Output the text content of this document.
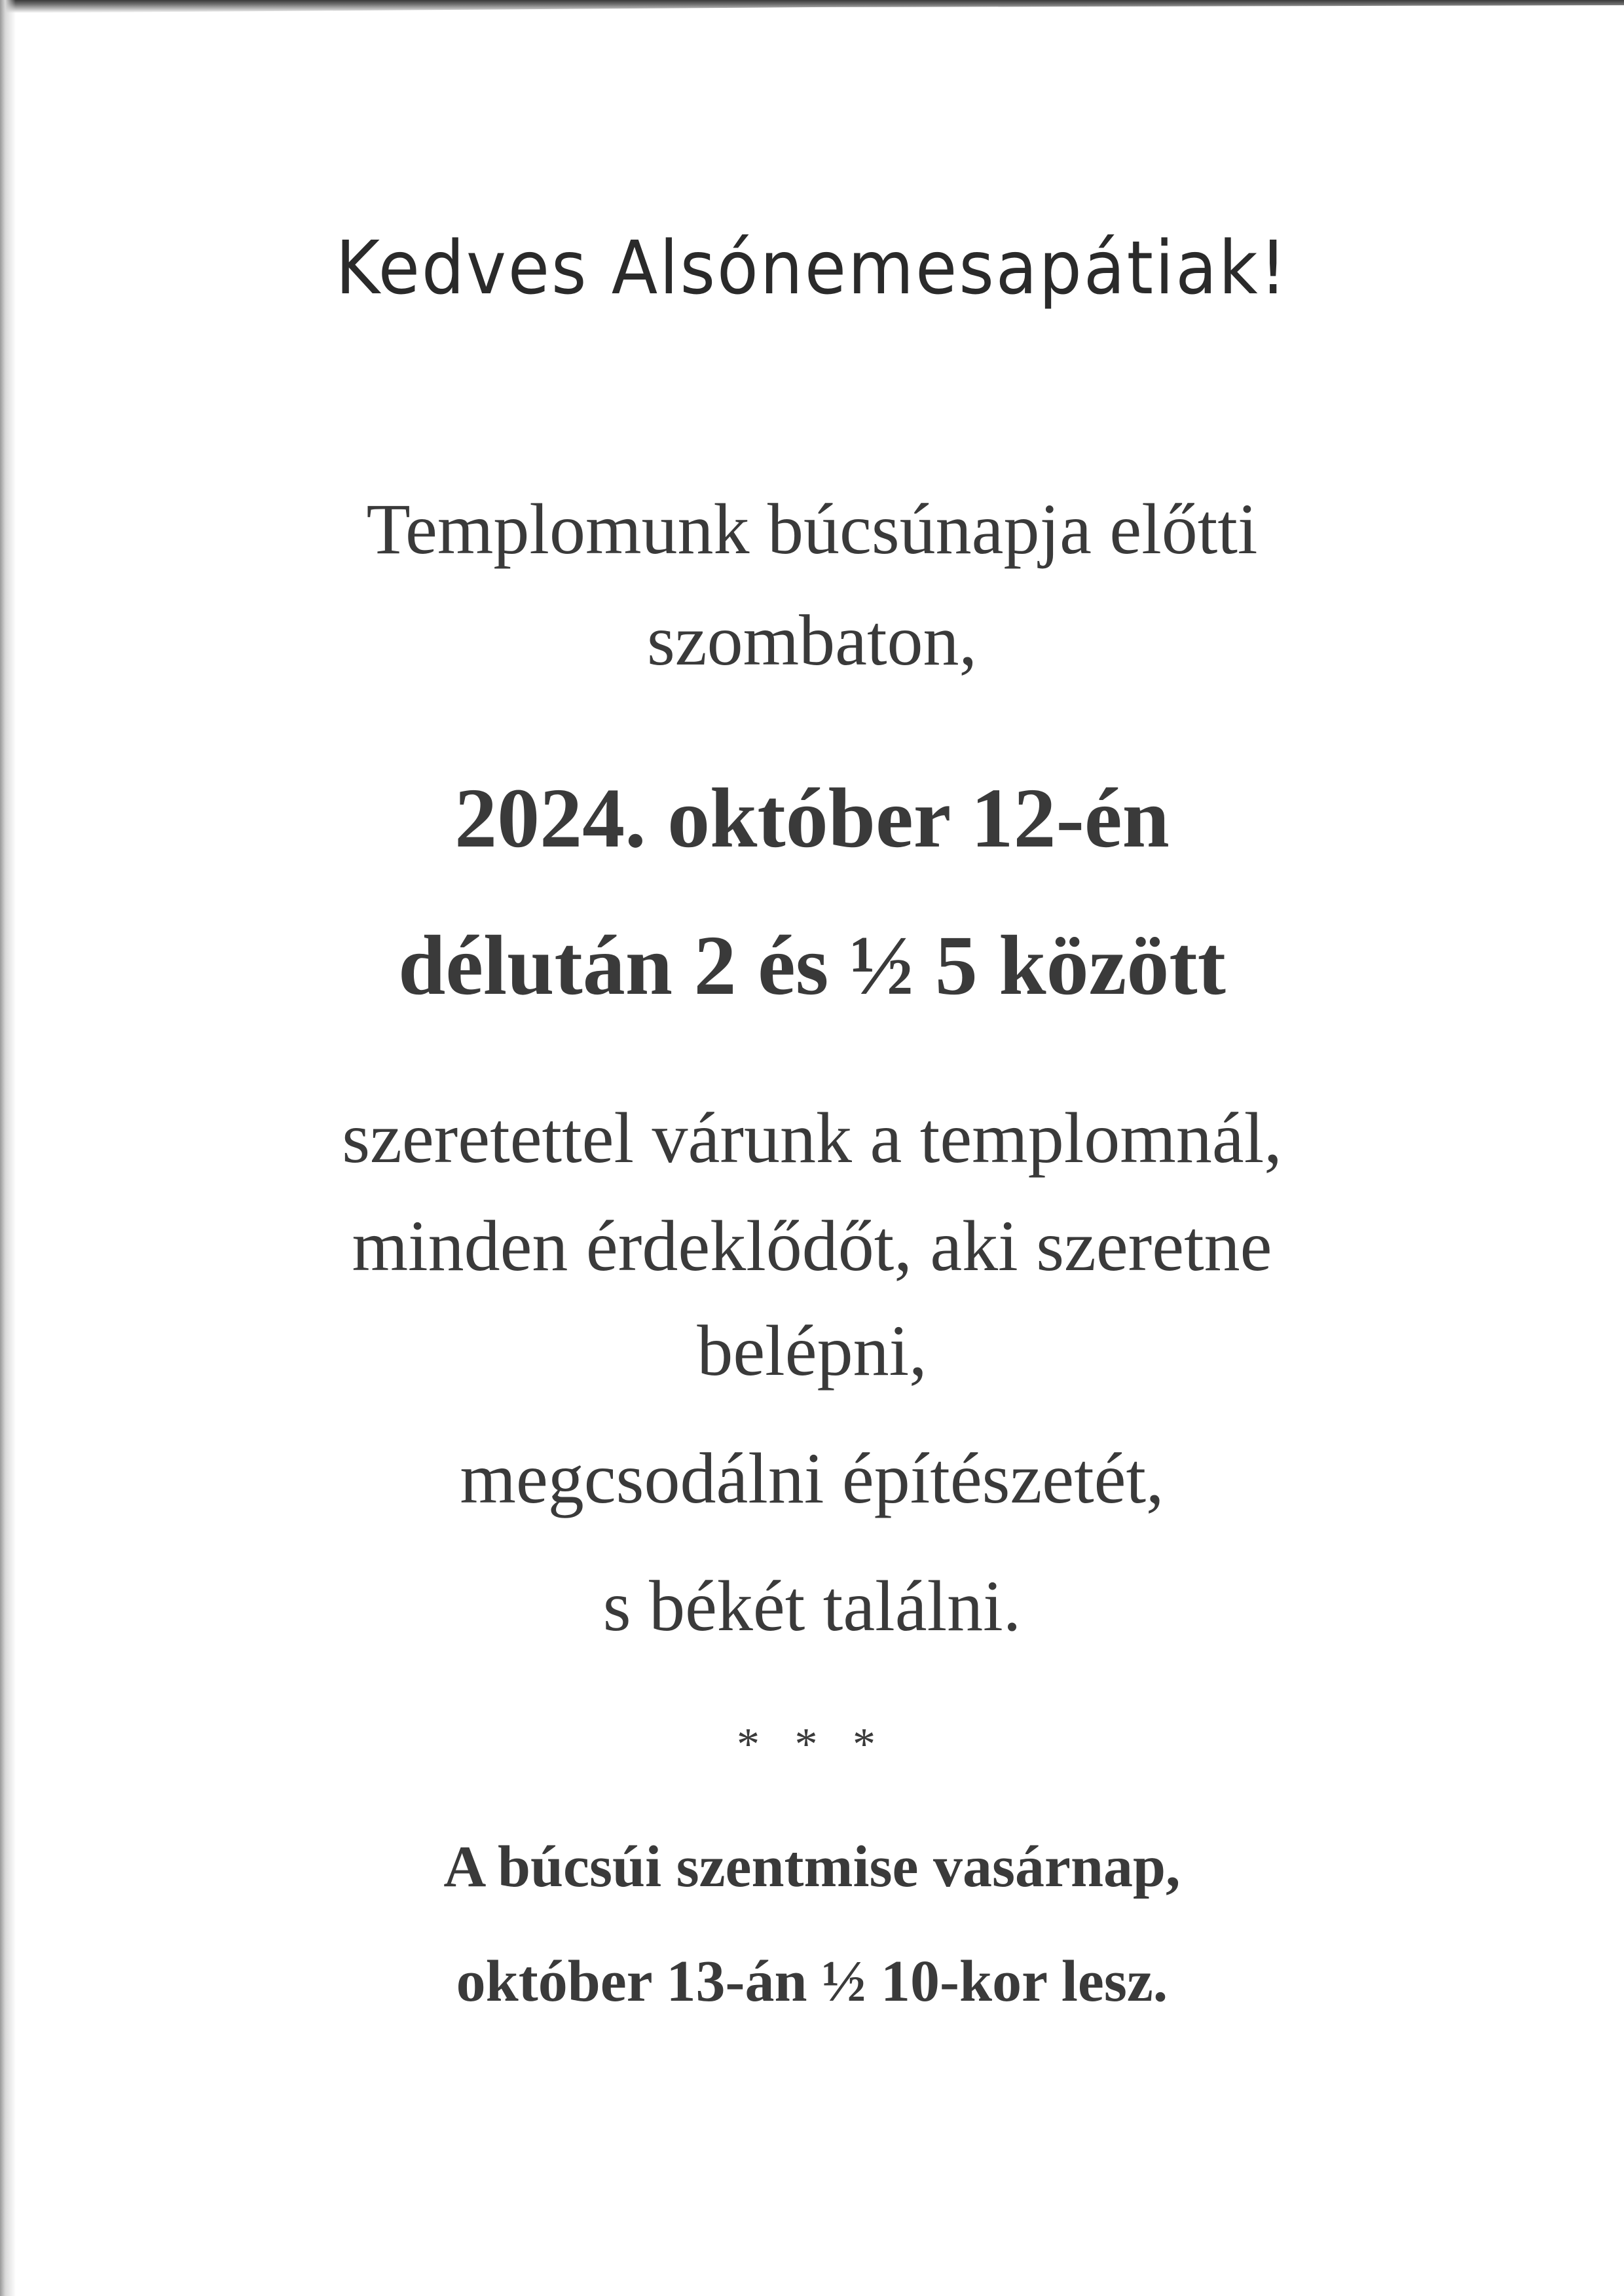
Kedves Alsónemesapátiak!

Templomunk búcsúnapja előtti

szombaton,

2024. október 12-én

délután 2 és ½ 5 között

szeretettel várunk a templomnál,

minden érdeklődőt, aki szeretne

belépni,

megcsodálni építészetét,

s békét találni.

* * *

A búcsúi szentmise vasárnap,

október 13-án ½ 10-kor lesz.
